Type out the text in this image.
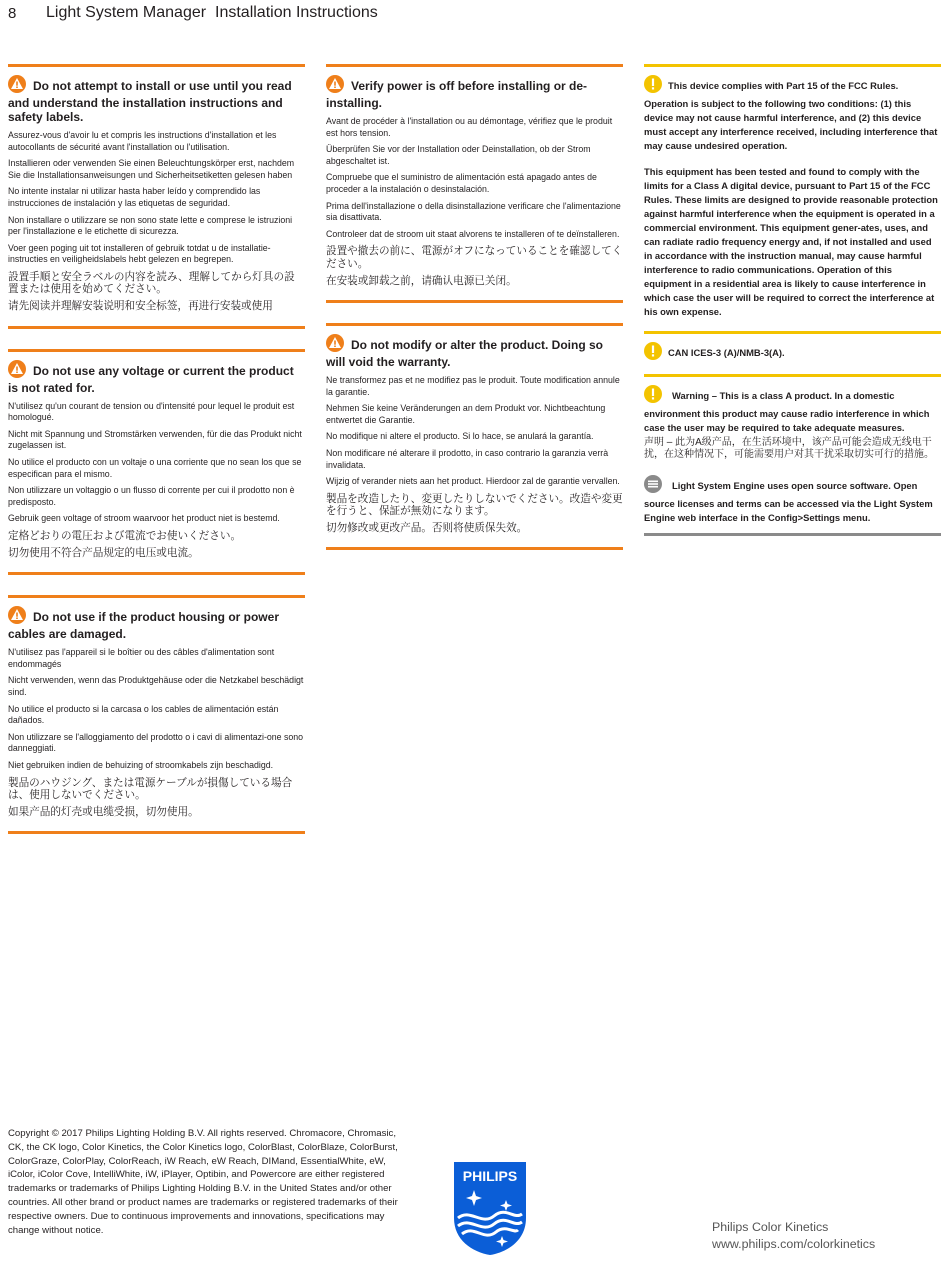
8 Light System Manager Installation Instructions
Do not attempt to install or use until you read and understand the installation instructions and safety labels.

Assurez-vous d'avoir lu et compris les instructions d'installation et les autocollants de sécurité avant l'installation ou l'utilisation.

Installieren oder verwenden Sie einen Beleuchtungskörper erst, nachdem Sie die Installationsanweisungen und Sicherheitsetiketten gelesen haben

No intente instalar ni utilizar hasta haber leído y comprendido las instrucciones de instalación y las etiquetas de seguridad.

Non installare o utilizzare se non sono state lette e comprese le istruzioni per l'installazione e le etichette di sicurezza.

Voer geen poging uit tot installeren of gebruik totdat u de installatie-instructies en veiligheidslabels hebt gelezen en begrepen.

設置手順と安全ラベルの内容を読み、理解してから灯具の設置または使用を始めてください。

请先阅读并理解安装说明和安全标签，再进行安装或使用

Do not use any voltage or current the product is not rated for.

N'utilisez qu'un courant de tension ou d'intensité pour lequel le produit est homologué.

Nicht mit Spannung und Stromstärken verwenden, für die das Produkt nicht zugelassen ist.

No utilice el producto con un voltaje o una corriente que no sean los que se especifican para el mismo.

Non utilizzare un voltaggio o un flusso di corrente per cui il prodotto non è predisposto.

Gebruik geen voltage of stroom waarvoor het product niet is bestemd.

定格どおりの電圧および電流でお使いください。

切勿使用不符合产品规定的电压或电流。

Do not use if the product housing or power cables are damaged.

N'utilisez pas l'appareil si le boîtier ou des câbles d'alimentation sont endommagés

Nicht verwenden, wenn das Produktgehäuse oder die Netzkabel beschädigt sind.

No utilice el producto si la carcasa o los cables de alimentación están dañados.

Non utilizzare se l'alloggiamento del prodotto o i cavi di alimentazi-one sono danneggiati.

Niet gebruiken indien de behuizing of stroomkabels zijn beschadigd.

製品のハウジング、または電源ケーブルが損傷している場合は、使用しないでください。

如果产品的灯壳或电缆受损，切勿使用。

Verify power is off before installing or de-installing.

Avant de procéder à l'installation ou au démontage, vérifiez que le produit est hors tension.

Überprüfen Sie vor der Installation oder Deinstallation, ob der Strom abgeschaltet ist.

Compruebe que el suministro de alimentación está apagado antes de proceder a la instalación o desinstalación.

Prima dell'installazione o della disinstallazione verificare che l'alimentazione sia disattivata.

Controleer dat de stroom uit staat alvorens te installeren of te deïnstalleren.

設置や撤去の前に、電源がオフになっていることを確認してください。

在安装或卸载之前，请确认电源已关闭。

Do not modify or alter the product. Doing so will void the warranty.

Ne transformez pas et ne modifiez pas le produit. Toute modification annule la garantie.

Nehmen Sie keine Veränderungen an dem Produkt vor. Nichtbeachtung entwertet die Garantie.

No modifique ni altere el producto. Si lo hace, se anulará la garantía.

Non modificare né alterare il prodotto, in caso contrario la garanzia verrà invalidata.

Wijzig of verander niets aan het product. Hierdoor zal de garantie vervallen.

製品を改造したり、変更したりしないでください。改造や変更を行うと、保証が無効になります。

切勿修改或更改产品。否则将使质保失效。

This device complies with Part 15 of the FCC Rules. Operation is subject to the following two conditions: (1) this device may not cause harmful interference, and (2) this device must accept any interference received, including interference that may cause undesired operation.

This equipment has been tested and found to comply with the limits for a Class A digital device, pursuant to Part 15 of the FCC Rules. These limits are designed to provide reasonable protection against harmful interference when the equipment is operated in a commercial environment. This equipment gener-ates, uses, and can radiate radio frequency energy and, if not installed and used in accordance with the instruction manual, may cause harmful interference to radio communications. Operation of this equipment in a residential area is likely to cause interference in which case the user will be required to correct the interference at his own expense.

CAN ICES-3 (A)/NMB-3(A).
Warning – This is a class A product. In a domestic environment this product may cause radio interference in which case the user may be required to take adequate measures.

声明 – 此为A级产品，在生活环境中，该产品可能会造成无线电干扰，在这种情况下，可能需要用户对其干扰采取切实可行的措施。

Light System Engine uses open source software. Open source licenses and terms can be accessed via the Light System Engine web interface in the Config>Settings menu.
Copyright © 2017 Philips Lighting Holding B.V. All rights reserved. Chromacore, Chromasic, CK, the CK logo, Color Kinetics, the Color Kinetics logo, ColorBlast, ColorBlaze, ColorBurst, ColorGraze, ColorPlay, ColorReach, iW Reach, eW Reach, DIMand, EssentialWhite, eW, iColor, iColor Cove, IntelliWhite, iW, iPlayer, Optibin, and Powercore are either registered trademarks or trademarks of Philips Lighting Holding B.V. in the United States and/or other countries. All other brand or product names are trademarks or registered trademarks of their respective owners. Due to continuous improvements and innovations, specifications may change without notice.
PHILIPS
Philips Color Kinetics
www.philips.com/colorkinetics
